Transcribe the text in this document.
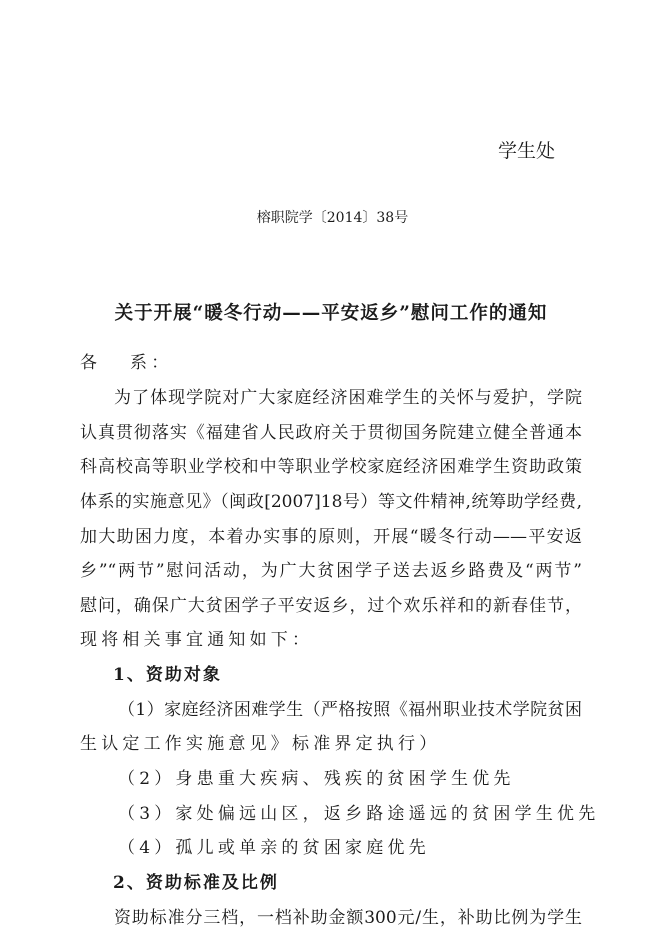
学生处
榕职院学〔2014〕38号
关于开展“暖冬行动——平安返乡”慰问工作的通知
各   系：
为了体现学院对广大家庭经济困难学生的关怀与爱护，学院
认真贯彻落实《福建省人民政府关于贯彻国务院建立健全普通本
科高校高等职业学校和中等职业学校家庭经济困难学生资助政策
体系的实施意见》（闽政[2007]18号）等文件精神,统筹助学经费,
加大助困力度，本着办实事的原则，开展“暖冬行动——平安返
乡”“两节”慰问活动，为广大贫困学子送去返乡路费及“两节”
慰问，确保广大贫困学子平安返乡，过个欢乐祥和的新春佳节，
现将相关事宜通知如下：
1、资助对象
（1）家庭经济困难学生（严格按照《福州职业技术学院贫困
生认定工作实施意见》标准界定执行）
（2）身患重大疾病、残疾的贫困学生优先
（3）家处偏远山区，返乡路途遥远的贫困学生优先
（4）孤儿或单亲的贫困家庭优先
2、资助标准及比例
资助标准分三档，一档补助金额300元/生，补助比例为学生
